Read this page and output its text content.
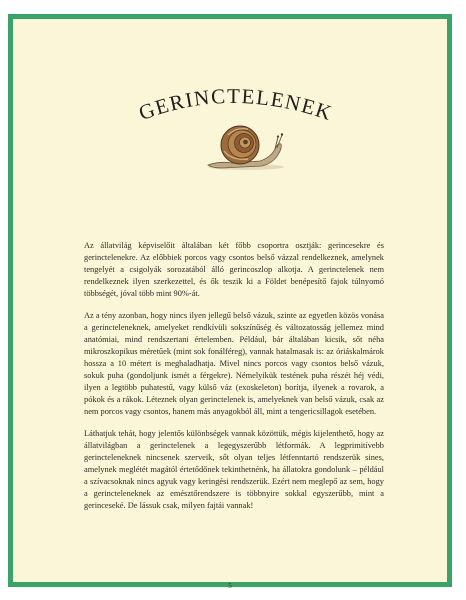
GERINCTELENEK

Az állatvilág képviselőit általában két főbb csoportra osztják: gerincesekre és gerinctelenekre. Az előbbiek porcos vagy csontos belső vázzal rendelkeznek, amelynek tengelyét a csigolyák sorozatából álló gerincoszlop alkotja. A gerinctelenek nem rendelkeznek ilyen szerkezettel, és ők teszik ki a Földet benépesítő fajok túlnyomó többségét, jóval több mint 90%-át.

Az a tény azonban, hogy nincs ilyen jellegű belső vázuk, szinte az egyetlen közös vonása a gerincteleneknek, amelyeket rendkívüli sokszínűség és változatosság jellemez mind anatómiai, mind rendszertani értelemben. Például, bár általában kicsik, sőt néha mikroszkopikus méretűek (mint sok fonálféreg), vannak hatalmasak is: az óriáskalmárok hossza a 10 métert is meghaladhatja. Mivel nincs porcos vagy csontos belső vázuk, sokuk puha (gondoljunk ismét a férgekre). Némelyikük testének puha részét héj védi, ilyen a legtöbb puhatestű, vagy külső váz (exoskeleton) borítja, ilyenek a rovarok, a pókok és a rákok. Léteznek olyan gerinctelenek is, amelyeknek van belső vázuk, csak az nem porcos vagy csontos, hanem más anyagokból áll, mint a tengericsillagok esetében.

Láthatjuk tehát, hogy jelentős különbségek vannak közöttük, mégis kijelenthető, hogy az állatvilágban a gerinctelenek a legegyszerűbb létformák. A legprimitívebb gerincteleneknek nincsenek szerveik, sőt olyan teljes létfenntartó rendszerük sines, amelynek meglétét magától értetődőnek tekinthetnénk, ha állatokra gondolunk – például a szívacsoknak nincs agyuk vagy keringési rendszerük. Ezért nem meglepő az sem, hogy a gerincteleneknek az emésztőrendszere is többnyire sokkal egyszerűbb, mint a gerinceseké. De lássuk csak, milyen fajtái vannak!

5
